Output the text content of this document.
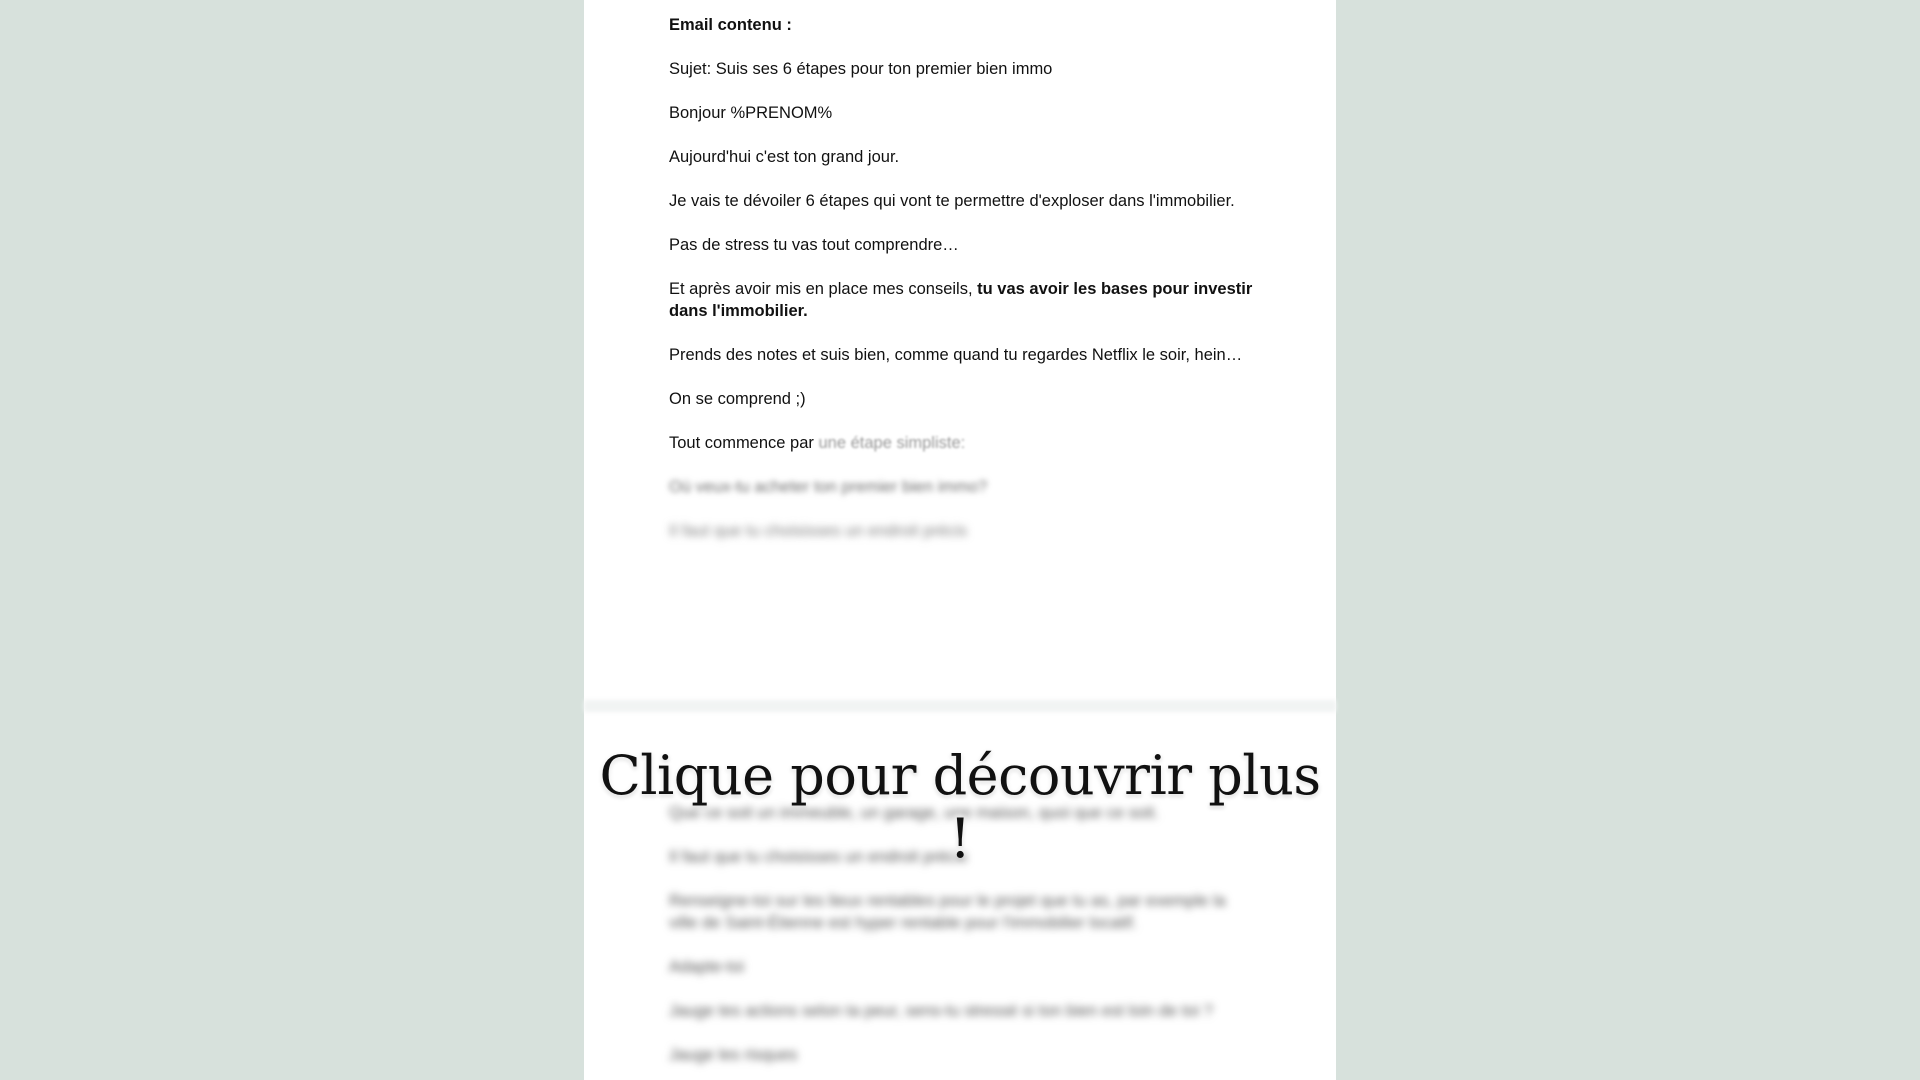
Email contenu :
Sujet: Suis ses 6 étapes pour ton premier bien immo
Bonjour %PRENOM%
Aujourd'hui c'est ton grand jour.
Je vais te dévoiler 6 étapes qui vont te permettre d'exploser dans l'immobilier.
Pas de stress tu vas tout comprendre…
Et après avoir mis en place mes conseils, tu vas avoir les bases pour investir dans l'immobilier.
Prends des notes et suis bien, comme quand tu regardes Netflix le soir, hein…
On se comprend ;)
Tout commence par une étape simpliste:
Où veux-tu acheter ton premier bien immo?
Il faut que tu choisisses un endroit précis
Que ce soit un immeuble, un garage, une maison, quoi que ce soit.
Il faut que tu choisisses un endroit précis
Renseigne-toi sur les lieux rentables pour le projet que tu as, par exemple la ville de Saint-Étienne est hyper rentable pour l'immobilier locatif.
Adapte-toi
Jauge tes actions selon ta peur, sens-tu stressé si ton bien est loin de toi ?
Jauge les risques
Clique pour découvrir plus !
